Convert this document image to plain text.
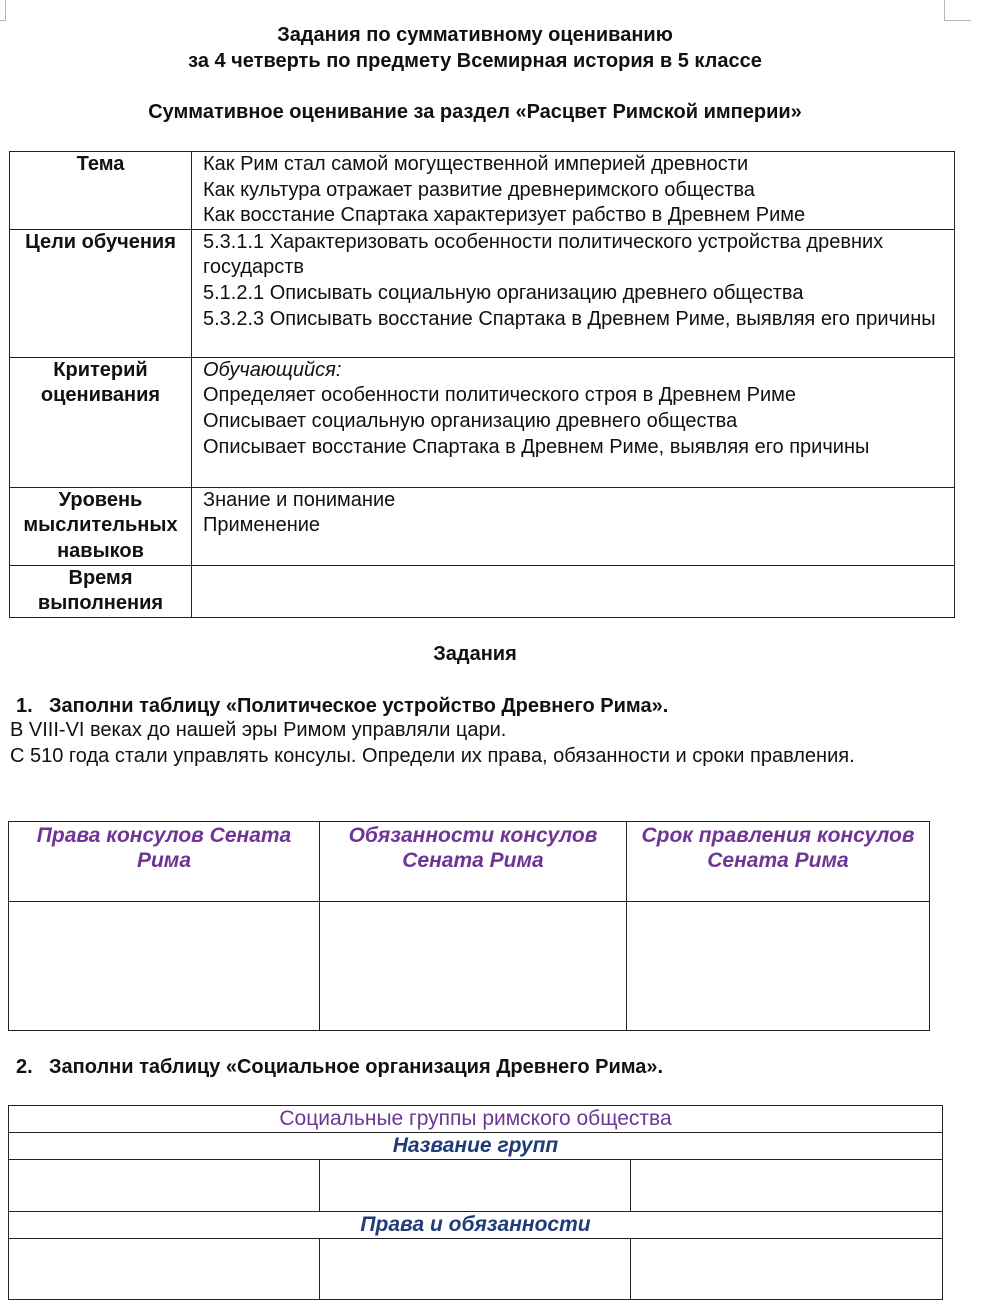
Задания по суммативному оцениванию
за 4 четверть по предмету Всемирная история в 5 классе
Суммативное оценивание за раздел «Расцвет Римской империи»
Тема	Как Рим стал самой могущественной империей древности
Как культура отражает развитие древнеримского общества
Как восстание Спартака характеризует рабство в Древнем Риме

Цели обучения	5.3.1.1 Характеризовать особенности политического устройства древних государств
5.1.2.1 Описывать социальную организацию древнего общества
5.3.2.3 Описывать восстание Спартака в Древнем Риме, выявляя его причины

Критерий оценивания	Обучающийся:
Определяет особенности политического строя в Древнем Риме
Описывает социальную организацию древнего общества
Описывает восстание Спартака в Древнем Риме, выявляя его причины

Уровень мыслительных навыков	Знание и понимание
Применение

Время выполнения	
Задания
1. Заполни таблицу «Политическое устройство Древнего Рима».
В VIII-VI веках до нашей эры Римом управляли цари.
С 510 года стали управлять консулы. Определи их права, обязанности и сроки правления.
Права консулов Сената Рима	Обязанности консулов Сената Рима	Срок правления консулов Сената Рима

2. Заполни таблицу «Социальное организация Древнего Рима».
Социальные группы римского общества		
Название групп		

Права и обязанности		
